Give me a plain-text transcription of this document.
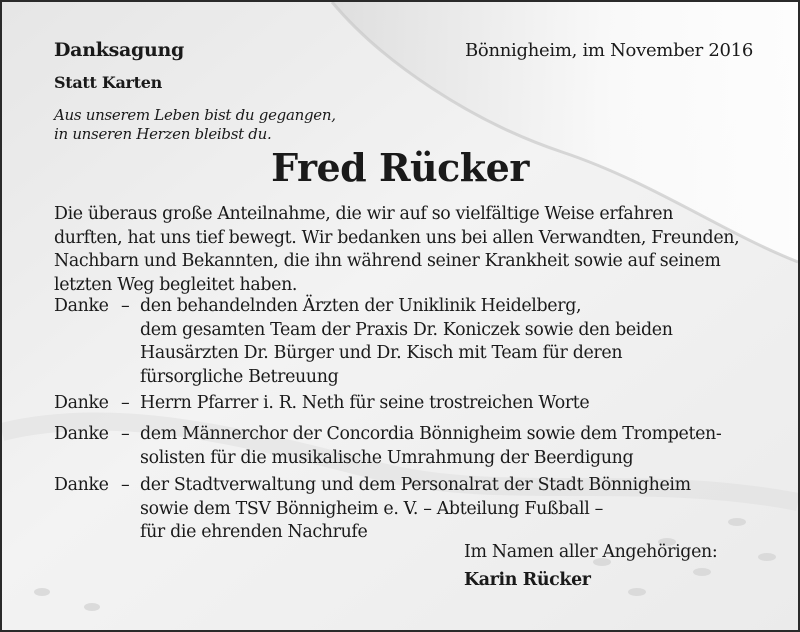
Danksagung
Statt Karten
Bönnigheim, im November 2016
Aus unserem Leben bist du gegangen,
in unseren Herzen bleibst du.
Fred Rücker
Die überaus große Anteilnahme, die wir auf so vielfältige Weise erfahren
durften, hat uns tief bewegt. Wir bedanken uns bei allen Verwandten, Freunden,
Nachbarn und Bekannten, die ihn während seiner Krankheit sowie auf seinem
letzten Weg begleitet haben.
Danke – den behandelnden Ärzten der Uniklinik Heidelberg,
dem gesamten Team der Praxis Dr. Koniczek sowie den beiden
Hausärzten Dr. Bürger und Dr. Kisch mit Team für deren
fürsorgliche Betreuung
Danke – Herrn Pfarrer i. R. Neth für seine trostreichen Worte
Danke – dem Männerchor der Concordia Bönnigheim sowie dem Trompeten-
solisten für die musikalische Umrahmung der Beerdigung
Danke – der Stadtverwaltung und dem Personalrat der Stadt Bönnigheim
sowie dem TSV Bönnigheim e. V. – Abteilung Fußball –
für die ehrenden Nachrufe
Im Namen aller Angehörigen:
Karin Rücker
